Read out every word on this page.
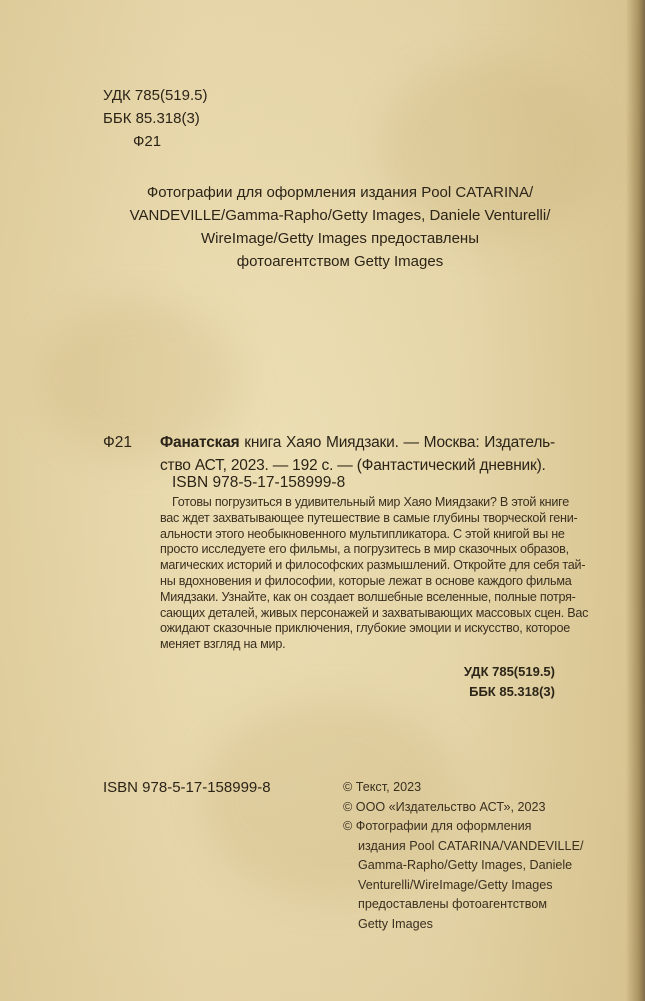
УДК 785(519.5)
ББК 85.318(3)
Ф21
Фотографии для оформления издания Pool CATARINA/
VANDEVILLE/Gamma-Rapho/Getty Images, Daniele Venturelli/
WireImage/Getty Images предоставлены
фотоагентством Getty Images
Ф21 Фанатская книга Хаяо Миядзаки. — Москва: Издатель-
ство АСТ, 2023. — 192 с. — (Фантастический дневник).
ISBN 978-5-17-158999-8
Готовы погрузиться в удивительный мир Хаяо Миядзаки? В этой книге
вас ждет захватывающее путешествие в самые глубины творческой гени-
альности этого необыкновенного мультипликатора. С этой книгой вы не
просто исследуете его фильмы, а погрузитесь в мир сказочных образов,
магических историй и философских размышлений. Откройте для себя тай-
ны вдохновения и философии, которые лежат в основе каждого фильма
Миядзаки. Узнайте, как он создает волшебные вселенные, полные потря-
сающих деталей, живых персонажей и захватывающих массовых сцен. Вас
ожидают сказочные приключения, глубокие эмоции и искусство, которое
меняет взгляд на мир.
УДК 785(519.5)
ББК 85.318(3)
ISBN 978-5-17-158999-8	© Текст, 2023
© ООО «Издательство АСТ», 2023
© Фотографии для оформления
издания Pool CATARINA/VANDEVILLE/
Gamma-Rapho/Getty Images, Daniele
Venturelli/WireImage/Getty Images
предоставлены фотоагентством
Getty Images
